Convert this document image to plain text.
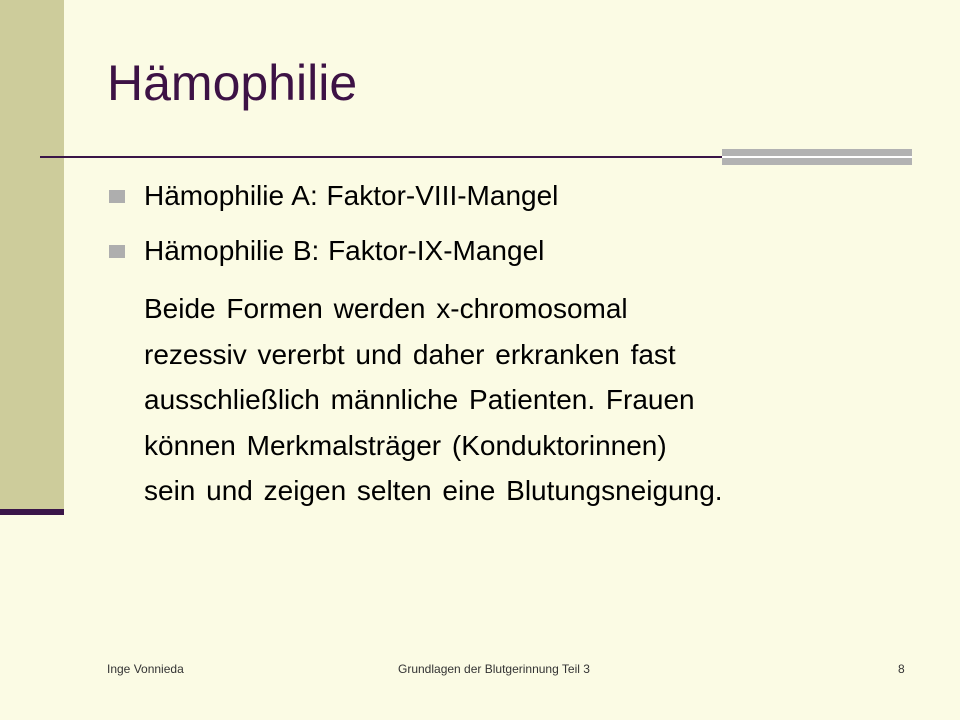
Hämophilie
Hämophilie A: Faktor-VIII-Mangel
Hämophilie B: Faktor-IX-Mangel
Beide Formen werden x-chromosomal
rezessiv vererbt und daher erkranken fast
ausschließlich männliche Patienten. Frauen
können Merkmalsträger (Konduktorinnen)
sein und zeigen selten eine Blutungsneigung.
Inge Vonnieda	Grundlagen der Blutgerinnung Teil 3	8
